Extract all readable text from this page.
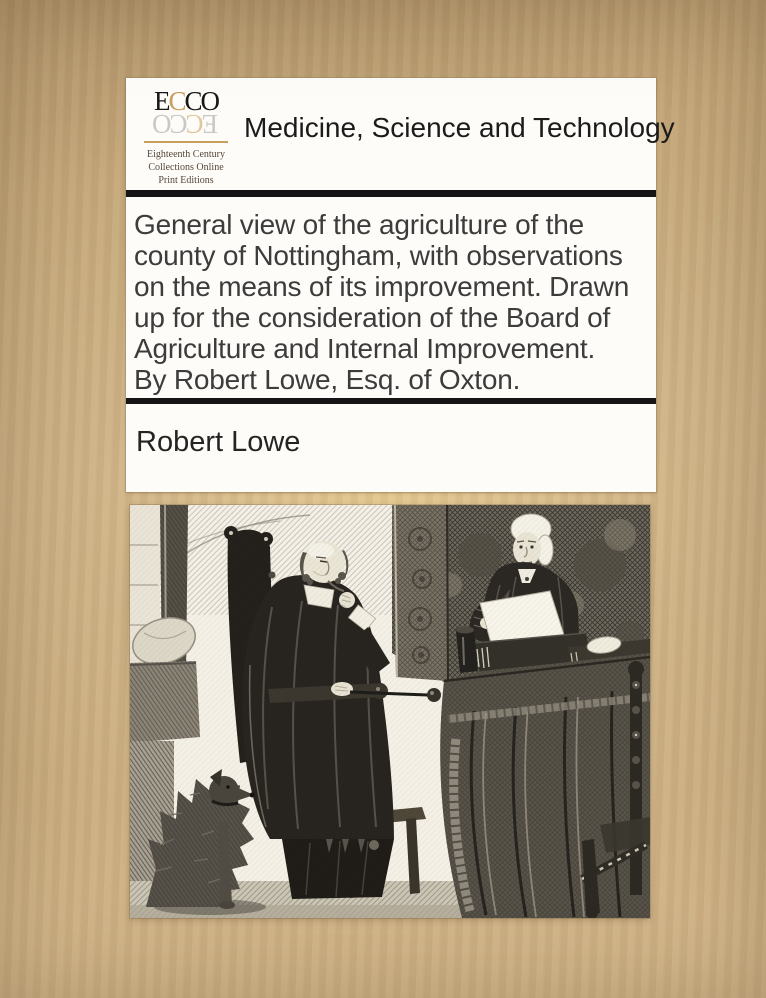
ECCO
ECCO
Eighteenth Century
Collections Online
Print Editions
Medicine, Science and Technology
General view of the agriculture of the
county of Nottingham, with observations
on the means of its improvement. Drawn
up for the consideration of the Board of
Agriculture and Internal Improvement.
By Robert Lowe, Esq. of Oxton.
Robert Lowe
